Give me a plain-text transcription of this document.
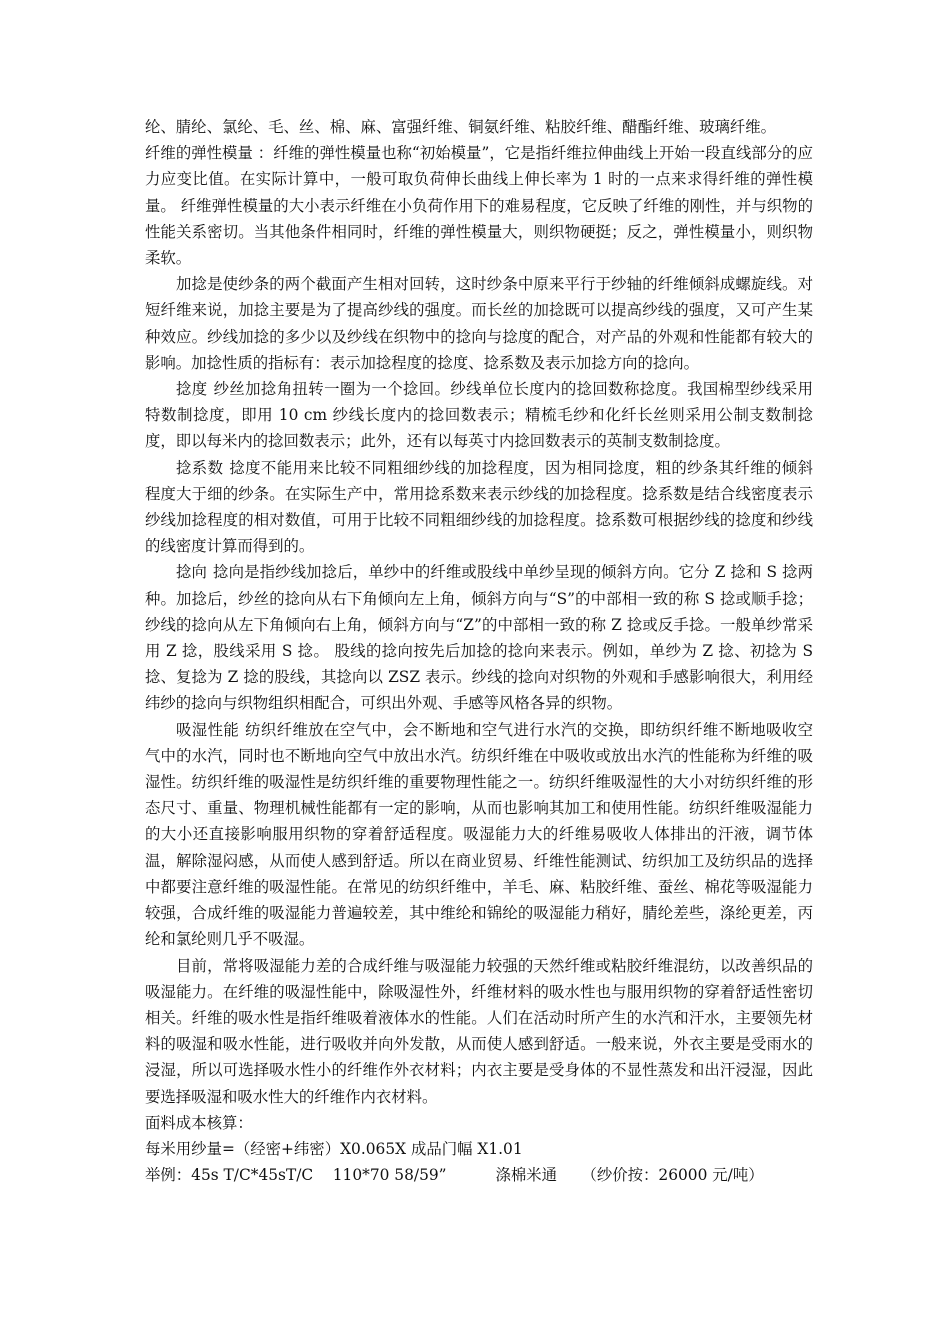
纶、腈纶、氯纶、毛、丝、棉、麻、富强纤维、铜氨纤维、粘胶纤维、醋酯纤维、玻璃纤维。

纤维的弹性模量 ：纤维的弹性模量也称“初始模量”，它是指纤维拉伸曲线上开始一段直线部分的应力应变比值。在实际计算中，一般可取负荷伸长曲线上伸长率为 1 时的一点来求得纤维的弹性模量。 纤维弹性模量的大小表示纤维在小负荷作用下的难易程度，它反映了纤维的刚性，并与织物的性能关系密切。当其他条件相同时，纤维的弹性模量大，则织物硬挺；反之，弹性模量小，则织物柔软。

加捻是使纱条的两个截面产生相对回转，这时纱条中原来平行于纱轴的纤维倾斜成螺旋线。对短纤维来说，加捻主要是为了提高纱线的强度。而长丝的加捻既可以提高纱线的强度，又可产生某种效应。纱线加捻的多少以及纱线在织物中的捻向与捻度的配合，对产品的外观和性能都有较大的影响。加捻性质的指标有：表示加捻程度的捻度、捻系数及表示加捻方向的捻向。

捻度 纱丝加捻角扭转一圈为一个捻回。纱线单位长度内的捻回数称捻度。我国棉型纱线采用特数制捻度，即用 10 cm 纱线长度内的捻回数表示；精梳毛纱和化纤长丝则采用公制支数制捻度，即以每米内的捻回数表示；此外，还有以每英寸内捻回数表示的英制支数制捻度。

捻系数 捻度不能用来比较不同粗细纱线的加捻程度，因为相同捻度，粗的纱条其纤维的倾斜程度大于细的纱条。在实际生产中，常用捻系数来表示纱线的加捻程度。捻系数是结合线密度表示纱线加捻程度的相对数值，可用于比较不同粗细纱线的加捻程度。捻系数可根据纱线的捻度和纱线的线密度计算而得到的。

捻向 捻向是指纱线加捻后，单纱中的纤维或股线中单纱呈现的倾斜方向。它分 Z 捻和 S 捻两种。加捻后，纱丝的捻向从右下角倾向左上角，倾斜方向与“S”的中部相一致的称 S 捻或顺手捻；纱线的捻向从左下角倾向右上角，倾斜方向与“Z”的中部相一致的称 Z 捻或反手捻。一般单纱常采用 Z 捻，股线采用 S 捻。 股线的捻向按先后加捻的捻向来表示。例如，单纱为 Z 捻、初捻为 S 捻、复捻为 Z 捻的股线，其捻向以 ZSZ 表示。纱线的捻向对织物的外观和手感影响很大，利用经纬纱的捻向与织物组织相配合，可织出外观、手感等风格各异的织物。

吸湿性能 纺织纤维放在空气中，会不断地和空气进行水汽的交换，即纺织纤维不断地吸收空气中的水汽，同时也不断地向空气中放出水汽。纺织纤维在中吸收或放出水汽的性能称为纤维的吸湿性。纺织纤维的吸湿性是纺织纤维的重要物理性能之一。纺织纤维吸湿性的大小对纺织纤维的形态尺寸、重量、物理机械性能都有一定的影响，从而也影响其加工和使用性能。纺织纤维吸湿能力的大小还直接影响服用织物的穿着舒适程度。吸湿能力大的纤维易吸收人体排出的汗液，调节体温，解除湿闷感，从而使人感到舒适。所以在商业贸易、纤维性能测试、纺织加工及纺织品的选择中都要注意纤维的吸湿性能。在常见的纺织纤维中，羊毛、麻、粘胶纤维、蚕丝、棉花等吸湿能力较强，合成纤维的吸湿能力普遍较差，其中维纶和锦纶的吸湿能力稍好，腈纶差些，涤纶更差，丙纶和氯纶则几乎不吸湿。

目前，常将吸湿能力差的合成纤维与吸湿能力较强的天然纤维或粘胶纤维混纺，以改善织品的吸湿能力。在纤维的吸湿性能中，除吸湿性外，纤维材料的吸水性也与服用织物的穿着舒适性密切相关。纤维的吸水性是指纤维吸着液体水的性能。人们在活动时所产生的水汽和汗水，主要领先材料的吸湿和吸水性能，进行吸收并向外发散，从而使人感到舒适。一般来说，外衣主要是受雨水的浸湿，所以可选择吸水性小的纤维作外衣材料；内衣主要是受身体的不显性蒸发和出汗浸湿，因此要选择吸湿和吸水性大的纤维作内衣材料。

面料成本核算：

每米用纱量=（经密+纬密）X0.065X 成品门幅 X1.01

举例：45s T/C*45sT/C    110*70 58/59”          涤棉米通     （纱价按：26000 元/吨）
